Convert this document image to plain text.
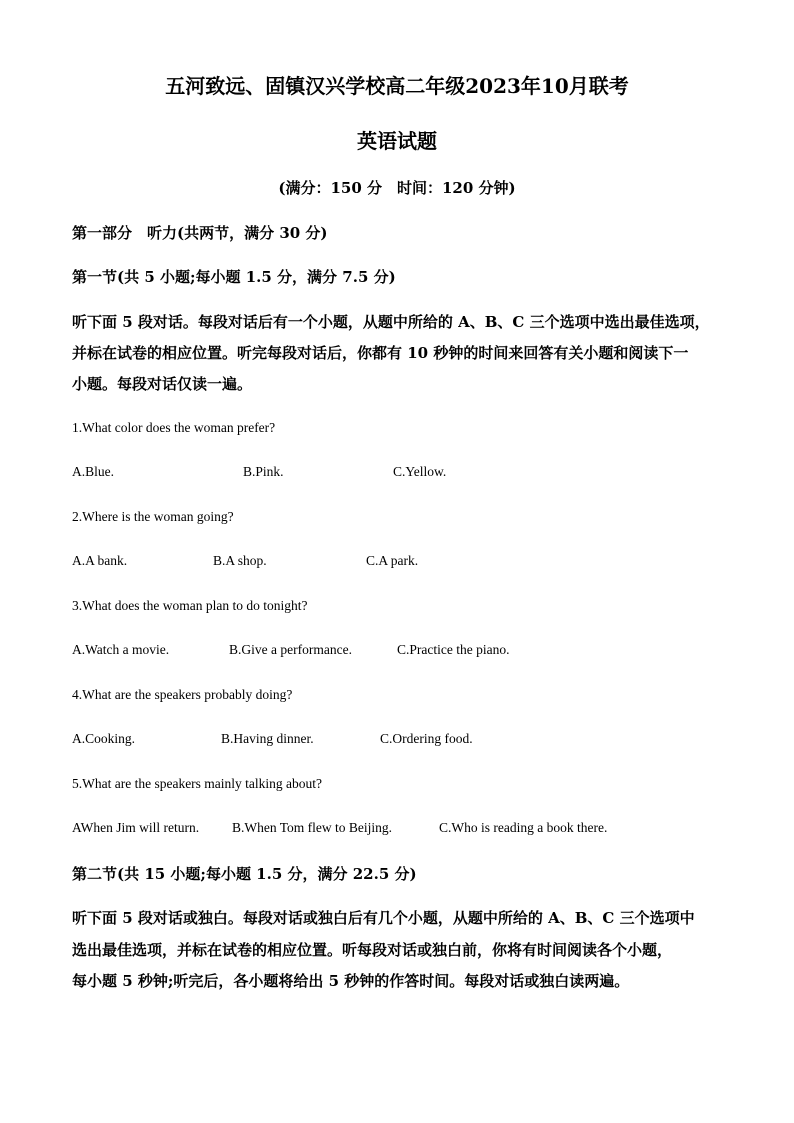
五河致远、固镇汉兴学校高二年级2023年10月联考
英语试题
(满分：150 分　时间：120 分钟)
第一部分　听力(共两节，满分 30 分)
第一节(共 5 小题;每小题 1.5 分，满分 7.5 分)
听下面 5 段对话。每段对话后有一个小题，从题中所给的 A、B、C 三个选项中选出最佳选项，
并标在试卷的相应位置。听完每段对话后，你都有 10 秒钟的时间来回答有关小题和阅读下一
小题。每段对话仅读一遍。
1.What color does the woman prefer?
A.Blue.	B.Pink.	C.Yellow.
2.Where is the woman going?
A.A bank.	B.A shop.	C.A park.
3.What does the woman plan to do tonight?
A.Watch a movie.	B.Give a performance.	C.Practice the piano.
4.What are the speakers probably doing?
A.Cooking.	B.Having dinner.	C.Ordering food.
5.What are the speakers mainly talking about?
AWhen Jim will return. B.When Tom flew to Beijing.	C.Who is reading a book there.
第二节(共 15 小题;每小题 1.5 分，满分 22.5 分)
听下面 5 段对话或独白。每段对话或独白后有几个小题，从题中所给的 A、B、C 三个选项中
选出最佳选项，并标在试卷的相应位置。听每段对话或独白前，你将有时间阅读各个小题，
每小题 5 秒钟;听完后，各小题将给出 5 秒钟的作答时间。每段对话或独白读两遍。
